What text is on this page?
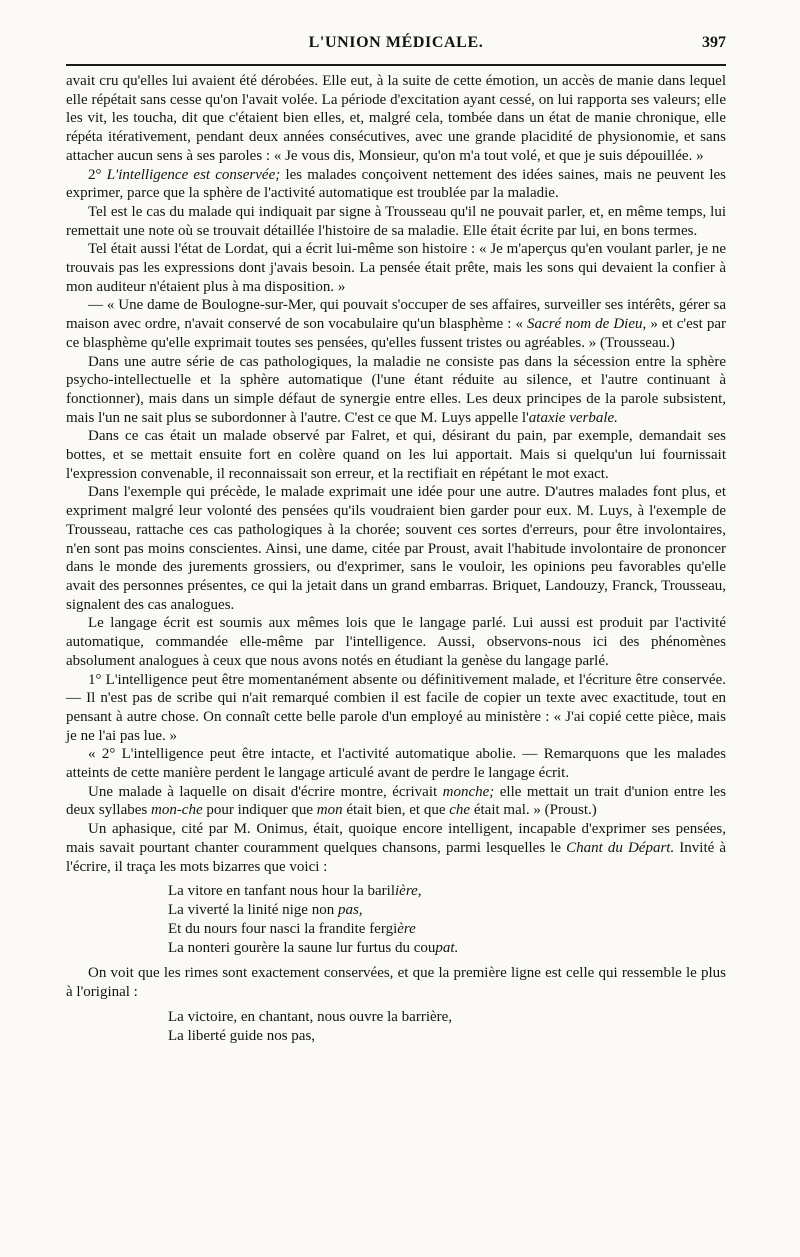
L'UNION MÉDICALE.	397

avait cru qu'elles lui avaient été dérobées. Elle eut, à la suite de cette émotion, un accès de manie dans lequel elle répétait sans cesse qu'on l'avait volée. La période d'excitation ayant cessé, on lui rapporta ses valeurs; elle les vit, les toucha, dit que c'étaient bien elles, et, malgré cela, tombée dans un état de manie chronique, elle répéta itérativement, pendant deux années consécutives, avec une grande placidité de physionomie, et sans attacher aucun sens à ses paroles : « Je vous dis, Monsieur, qu'on m'a tout volé, et que je suis dépouillée. »

2° L'intelligence est conservée; les malades conçoivent nettement des idées saines, mais ne peuvent les exprimer, parce que la sphère de l'activité automatique est troublée par la maladie.

Tel est le cas du malade qui indiquait par signe à Trousseau qu'il ne pouvait parler, et, en même temps, lui remettait une note où se trouvait détaillée l'histoire de sa maladie. Elle était écrite par lui, en bons termes.

Tel était aussi l'état de Lordat, qui a écrit lui-même son histoire : « Je m'aperçus qu'en voulant parler, je ne trouvais pas les expressions dont j'avais besoin. La pensée était prête, mais les sons qui devaient la confier à mon auditeur n'étaient plus à ma disposition. »

— « Une dame de Boulogne-sur-Mer, qui pouvait s'occuper de ses affaires, surveiller ses intérêts, gérer sa maison avec ordre, n'avait conservé de son vocabulaire qu'un blasphème : « Sacré nom de Dieu, » et c'est par ce blasphème qu'elle exprimait toutes ses pensées, qu'elles fussent tristes ou agréables. » (Trousseau.)

Dans une autre série de cas pathologiques, la maladie ne consiste pas dans la sécession entre la sphère psycho-intellectuelle et la sphère automatique (l'une étant réduite au silence, et l'autre continuant à fonctionner), mais dans un simple défaut de synergie entre elles. Les deux principes de la parole subsistent, mais l'un ne sait plus se subordonner à l'autre. C'est ce que M. Luys appelle l'ataxie verbale.

Dans ce cas était un malade observé par Falret, et qui, désirant du pain, par exemple, demandait ses bottes, et se mettait ensuite fort en colère quand on les lui apportait. Mais si quelqu'un lui fournissait l'expression convenable, il reconnaissait son erreur, et la rectifiait en répétant le mot exact.

Dans l'exemple qui précède, le malade exprimait une idée pour une autre. D'autres malades font plus, et expriment malgré leur volonté des pensées qu'ils voudraient bien garder pour eux. M. Luys, à l'exemple de Trousseau, rattache ces cas pathologiques à la chorée; souvent ces sortes d'erreurs, pour être involontaires, n'en sont pas moins conscientes. Ainsi, une dame, citée par Proust, avait l'habitude involontaire de prononcer dans le monde des jurements grossiers, ou d'exprimer, sans le vouloir, les opinions peu favorables qu'elle avait des personnes présentes, ce qui la jetait dans un grand embarras. Briquet, Landouzy, Franck, Trousseau, signalent des cas analogues.

Le langage écrit est soumis aux mêmes lois que le langage parlé. Lui aussi est produit par l'activité automatique, commandée elle-même par l'intelligence. Aussi, observons-nous ici des phénomènes absolument analogues à ceux que nous avons notés en étudiant la genèse du langage parlé.

1° L'intelligence peut être momentanément absente ou définitivement malade, et l'écriture être conservée. — Il n'est pas de scribe qui n'ait remarqué combien il est facile de copier un texte avec exactitude, tout en pensant à autre chose. On connaît cette belle parole d'un employé au ministère : « J'ai copié cette pièce, mais je ne l'ai pas lue. »

« 2° L'intelligence peut être intacte, et l'activité automatique abolie. — Remarquons que les malades atteints de cette manière perdent le langage articulé avant de perdre le langage écrit.

Une malade à laquelle on disait d'écrire montre, écrivait monche; elle mettait un trait d'union entre les deux syllabes mon-che pour indiquer que mon était bien, et que che était mal. » (Proust.)

Un aphasique, cité par M. Onimus, était, quoique encore intelligent, incapable d'exprimer ses pensées, mais savait pourtant chanter couramment quelques chansons, parmi lesquelles le Chant du Départ. Invité à l'écrire, il traça les mots bizarres que voici :

La vitore en tanfant nous hour la barilière,
La viverté la linité nige non pas,
Et du nours four nasci la frandite fergière
La nonteri gourère la saune lur furtus du coupat.

On voit que les rimes sont exactement conservées, et que la première ligne est celle qui ressemble le plus à l'original :

La victoire, en chantant, nous ouvre la barrière,
La liberté guide nos pas,
